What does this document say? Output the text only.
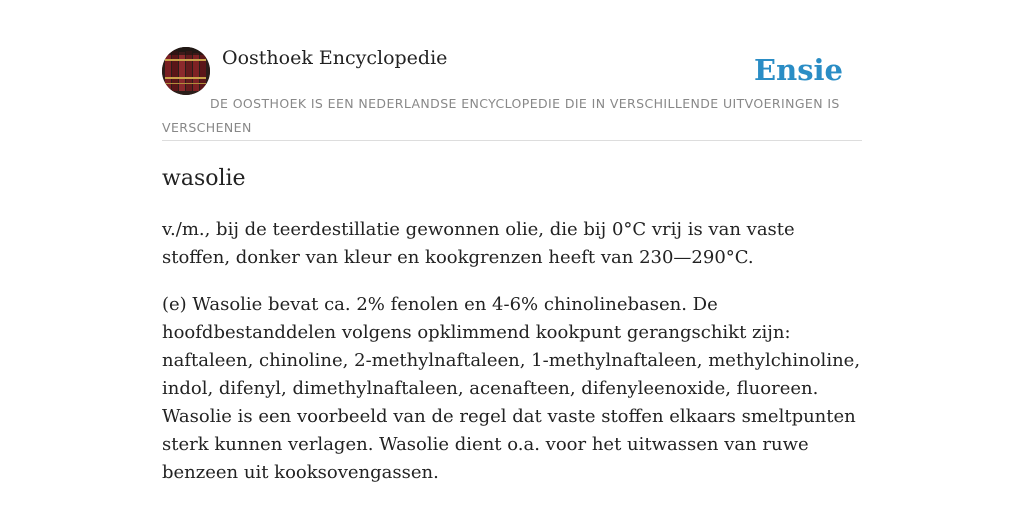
Oosthoek Encyclopedie	Ensie
DE OOSTHOEK IS EEN NEDERLANDSE ENCYCLOPEDIE DIE IN VERSCHILLENDE UITVOERINGEN IS VERSCHENEN
wasolie

v./m., bij de teerdestillatie gewonnen olie, die bij 0°C vrij is van vaste stoffen, donker van kleur en kookgrenzen heeft van 230—290°C.

(e) Wasolie bevat ca. 2% fenolen en 4-6% chinolinebasen. De hoofdbestanddelen volgens opklimmend kookpunt gerangschikt zijn: naftaleen, chinoline, 2-methylnaftaleen, 1-methylnaftaleen, methylchinoline, indol, difenyl, dimethylnaftaleen, acenafteen, difenyleenoxide, fluoreen. Wasolie is een voorbeeld van de regel dat vaste stoffen elkaars smeltpunten sterk kunnen verlagen. Wasolie dient o.a. voor het uitwassen van ruwe benzeen uit kooksovengassen.
